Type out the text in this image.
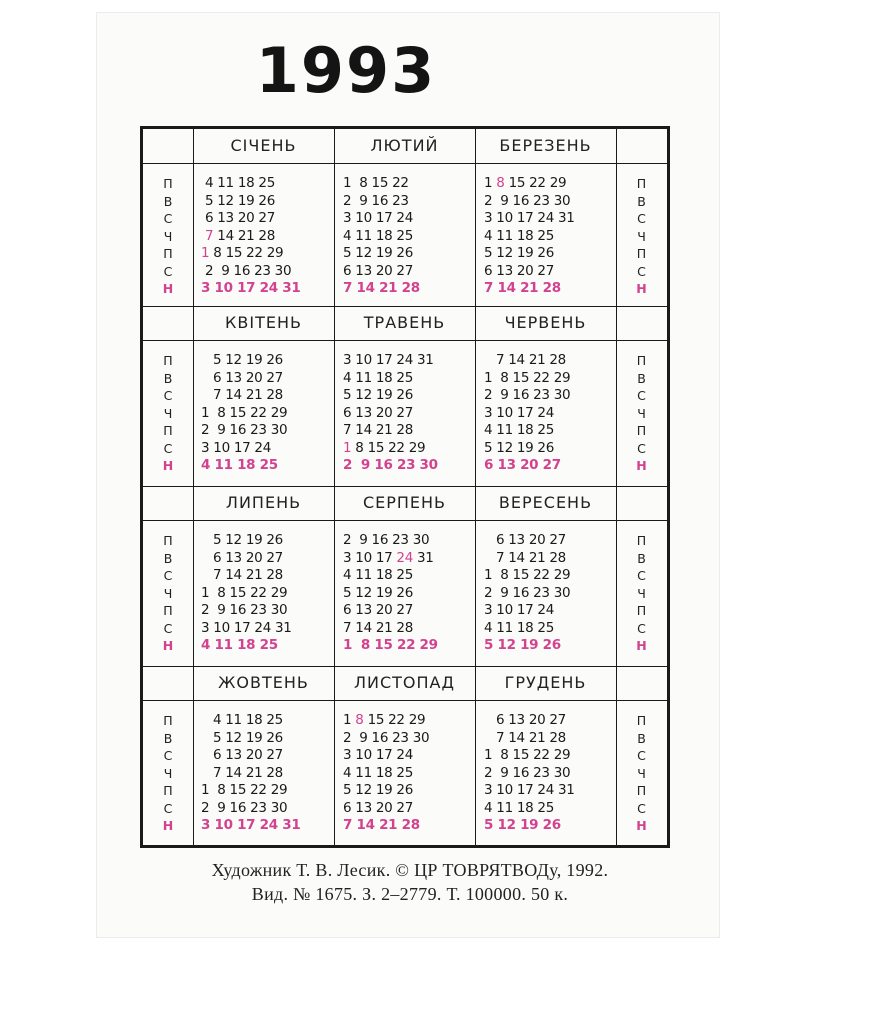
1993
П
В
С
Ч
П
С
Н
П
В
С
Ч
П
С
Н
СІЧЕНЬ
4 11 18 25
5 12 19 26
6 13 20 27
7 14 21 28
1 8 15 22 29
2  9 16 23 30
3 10 17 24 31
ЛЮТИЙ
1  8 15 22
2  9 16 23
3 10 17 24
4 11 18 25
5 12 19 26
6 13 20 27
7 14 21 28
БЕРЕЗЕНЬ
1 8 15 22 29
2  9 16 23 30
3 10 17 24 31
4 11 18 25
5 12 19 26
6 13 20 27
7 14 21 28
П
В
С
Ч
П
С
Н
П
В
С
Ч
П
С
Н
КВІТЕНЬ
5 12 19 26
6 13 20 27
7 14 21 28
1  8 15 22 29
2  9 16 23 30
3 10 17 24
4 11 18 25
ТРАВЕНЬ
3 10 17 24 31
4 11 18 25
5 12 19 26
6 13 20 27
7 14 21 28
1 8 15 22 29
2  9 16 23 30
ЧЕРВЕНЬ
7 14 21 28
1  8 15 22 29
2  9 16 23 30
3 10 17 24
4 11 18 25
5 12 19 26
6 13 20 27
П
В
С
Ч
П
С
Н
П
В
С
Ч
П
С
Н
ЛИПЕНЬ
5 12 19 26
6 13 20 27
7 14 21 28
1  8 15 22 29
2  9 16 23 30
3 10 17 24 31
4 11 18 25
СЕРПЕНЬ
2  9 16 23 30
3 10 17 24 31
4 11 18 25
5 12 19 26
6 13 20 27
7 14 21 28
1  8 15 22 29
ВЕРЕСЕНЬ
6 13 20 27
7 14 21 28
1  8 15 22 29
2  9 16 23 30
3 10 17 24
4 11 18 25
5 12 19 26
П
В
С
Ч
П
С
Н
П
В
С
Ч
П
С
Н
ЖОВТЕНЬ
4 11 18 25
5 12 19 26
6 13 20 27
7 14 21 28
1  8 15 22 29
2  9 16 23 30
3 10 17 24 31
ЛИСТОПАД
1 8 15 22 29
2  9 16 23 30
3 10 17 24
4 11 18 25
5 12 19 26
6 13 20 27
7 14 21 28
ГРУДЕНЬ
6 13 20 27
7 14 21 28
1  8 15 22 29
2  9 16 23 30
3 10 17 24 31
4 11 18 25
5 12 19 26
Художник Т. В. Лесик. © ЦР ТОВРЯТВОДу, 1992.
Вид. № 1675. З. 2–2779. Т. 100000. 50 к.
